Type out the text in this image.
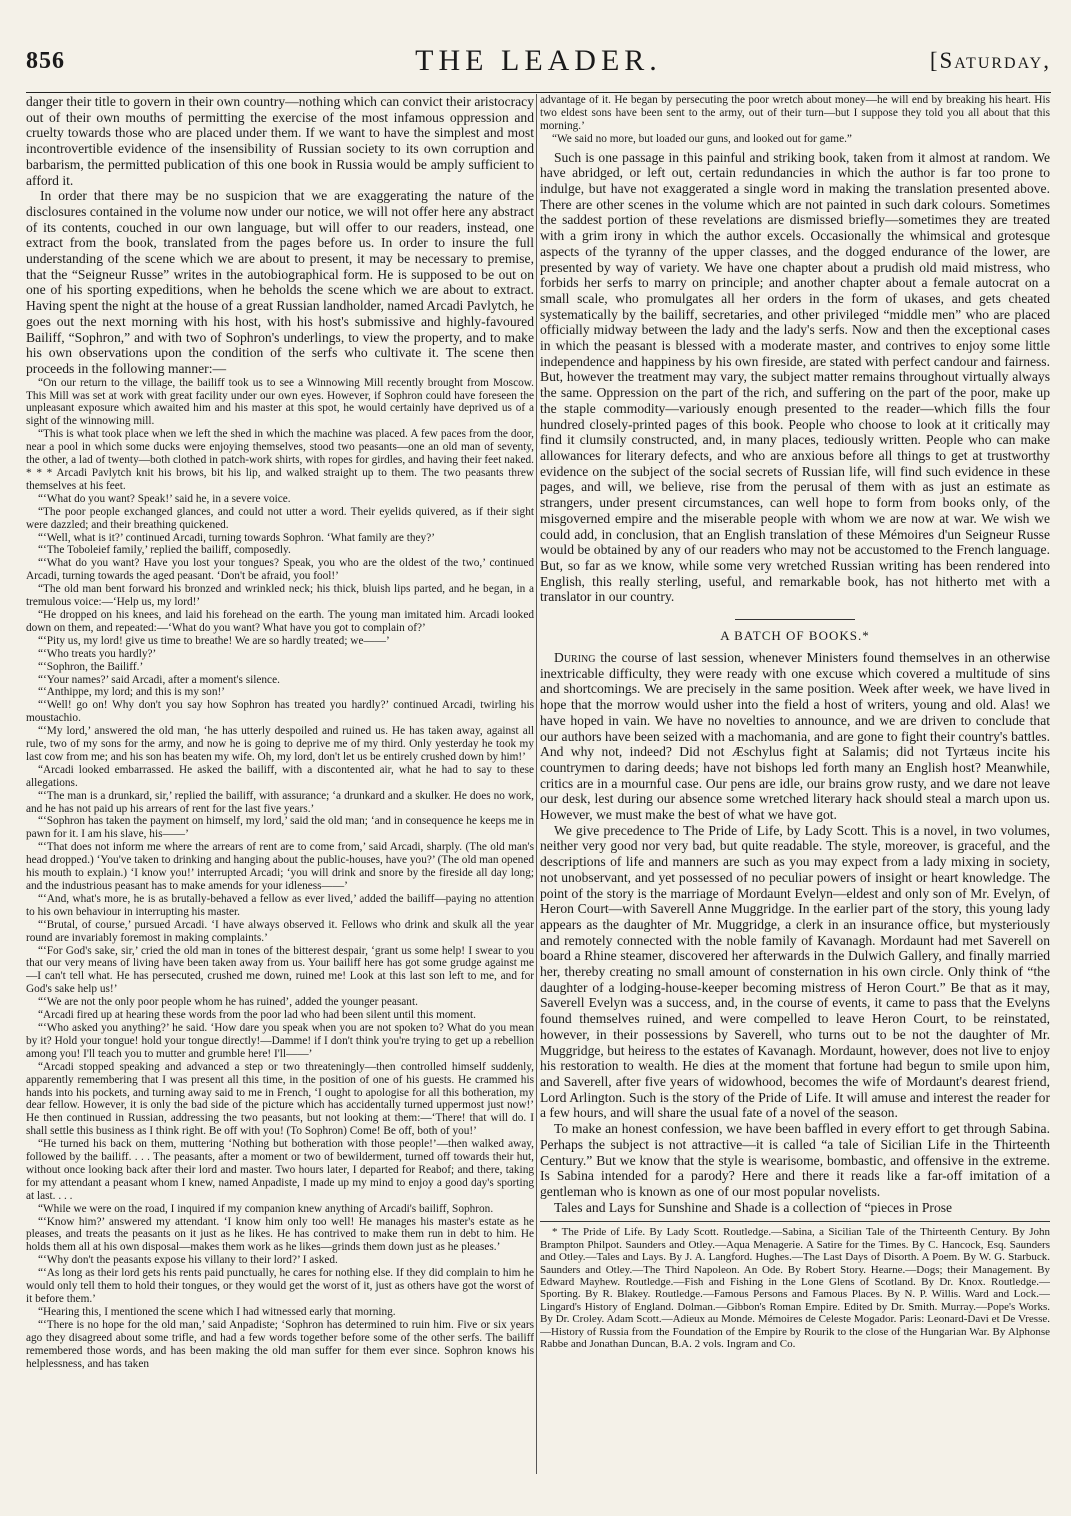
856	THE LEADER.	[Saturday,

danger their title to govern in their own country—nothing which can convict their aristocracy out of their own mouths of permitting the exercise of the most infamous oppression and cruelty towards those who are placed under them. If we want to have the simplest and most incontrovertible evidence of the insensibility of Russian society to its own corruption and barbarism, the permitted publication of this one book in Russia would be amply sufficient to afford it.

In order that there may be no suspicion that we are exaggerating the nature of the disclosures contained in the volume now under our notice, we will not offer here any abstract of its contents, couched in our own language, but will offer to our readers, instead, one extract from the book, translated from the pages before us. In order to insure the full understanding of the scene which we are about to present, it may be necessary to premise, that the “Seigneur Russe” writes in the autobiographical form. He is supposed to be out on one of his sporting expeditions, when he beholds the scene which we are about to extract. Having spent the night at the house of a great Russian landholder, named Arcadi Pavlytch, he goes out the next morning with his host, with his host's submissive and highly-favoured Bailiff, “Sophron,” and with two of Sophron's underlings, to view the property, and to make his own observations upon the condition of the serfs who cultivate it. The scene then proceeds in the following manner:—

“On our return to the village, the bailiff took us to see a Winnowing Mill recently brought from Moscow. This Mill was set at work with great facility under our own eyes. However, if Sophron could have foreseen the unpleasant exposure which awaited him and his master at this spot, he would certainly have deprived us of a sight of the winnowing mill.

“This is what took place when we left the shed in which the machine was placed. A few paces from the door, near a pool in which some ducks were enjoying themselves, stood two peasants—one an old man of seventy, the other, a lad of twenty—both clothed in patch-work shirts, with ropes for girdles, and having their feet naked. * * * Arcadi Pavlytch knit his brows, bit his lip, and walked straight up to them. The two peasants threw themselves at his feet.

“‘What do you want? Speak!’ said he, in a severe voice.

“The poor people exchanged glances, and could not utter a word. Their eyelids quivered, as if their sight were dazzled; and their breathing quickened.

“‘Well, what is it?’ continued Arcadi, turning towards Sophron. ‘What family are they?’

“‘The Toboleief family,’ replied the bailiff, composedly.

“‘What do you want? Have you lost your tongues? Speak, you who are the oldest of the two,’ continued Arcadi, turning towards the aged peasant. ‘Don't be afraid, you fool!’

“The old man bent forward his bronzed and wrinkled neck; his thick, bluish lips parted, and he began, in a tremulous voice:—‘Help us, my lord!’

“He dropped on his knees, and laid his forehead on the earth. The young man imitated him. Arcadi looked down on them, and repeated:—‘What do you want? What have you got to complain of?’

“‘Pity us, my lord! give us time to breathe! We are so hardly treated; we——’

“‘Who treats you hardly?’

“‘Sophron, the Bailiff.’

“‘Your names?’ said Arcadi, after a moment's silence.

“‘Anthippe, my lord; and this is my son!’

“‘Well! go on! Why don't you say how Sophron has treated you hardly?’ continued Arcadi, twirling his moustachio.

“‘My lord,’ answered the old man, ‘he has utterly despoiled and ruined us. He has taken away, against all rule, two of my sons for the army, and now he is going to deprive me of my third. Only yesterday he took my last cow from me; and his son has beaten my wife. Oh, my lord, don't let us be entirely crushed down by him!’

“Arcadi looked embarrassed. He asked the bailiff, with a discontented air, what he had to say to these allegations.

“‘The man is a drunkard, sir,’ replied the bailiff, with assurance; ‘a drunkard and a skulker. He does no work, and he has not paid up his arrears of rent for the last five years.’

“‘Sophron has taken the payment on himself, my lord,’ said the old man; ‘and in consequence he keeps me in pawn for it. I am his slave, his——’

“‘That does not inform me where the arrears of rent are to come from,’ said Arcadi, sharply. (The old man's head dropped.) ‘You've taken to drinking and hanging about the public-houses, have you?’ (The old man opened his mouth to explain.) ‘I know you!’ interrupted Arcadi; ‘you will drink and snore by the fireside all day long; and the industrious peasant has to make amends for your idleness——’

“‘And, what's more, he is as brutally-behaved a fellow as ever lived,’ added the bailiff—paying no attention to his own behaviour in interrupting his master.

“‘Brutal, of course,’ pursued Arcadi. ‘I have always observed it. Fellows who drink and skulk all the year round are invariably foremost in making complaints.’

“‘For God's sake, sir,’ cried the old man in tones of the bitterest despair, ‘grant us some help! I swear to you that our very means of living have been taken away from us. Your bailiff here has got some grudge against me—I can't tell what. He has persecuted, crushed me down, ruined me! Look at this last son left to me, and for God's sake help us!’

“‘We are not the only poor people whom he has ruined’, added the younger peasant.

“Arcadi fired up at hearing these words from the poor lad who had been silent until this moment.

“‘Who asked you anything?’ he said. ‘How dare you speak when you are not spoken to? What do you mean by it? Hold your tongue! hold your tongue directly!—Damme! if I don't think you're trying to get up a rebellion among you! I'll teach you to mutter and grumble here! I'll——’

“Arcadi stopped speaking and advanced a step or two threateningly—then controlled himself suddenly, apparently remembering that I was present all this time, in the position of one of his guests. He crammed his hands into his pockets, and turning away said to me in French, ‘I ought to apologise for all this botheration, my dear fellow. However, it is only the bad side of the picture which has accidentally turned uppermost just now!’ He then continued in Russian, addressing the two peasants, but not looking at them:—‘There! that will do. I shall settle this business as I think right. Be off with you! (To Sophron) Come! Be off, both of you!’

“He turned his back on them, muttering ‘Nothing but botheration with those people!’—then walked away, followed by the bailiff. . . . The peasants, after a moment or two of bewilderment, turned off towards their hut, without once looking back after their lord and master. Two hours later, I departed for Reabof; and there, taking for my attendant a peasant whom I knew, named Anpadiste, I made up my mind to enjoy a good day's sporting at last. . . .

“While we were on the road, I inquired if my companion knew anything of Arcadi's bailiff, Sophron.

“‘Know him?’ answered my attendant. ‘I know him only too well! He manages his master's estate as he pleases, and treats the peasants on it just as he likes. He has contrived to make them run in debt to him. He holds them all at his own disposal—makes them work as he likes—grinds them down just as he pleases.’

“‘Why don't the peasants expose his villany to their lord?’ I asked.

“‘As long as their lord gets his rents paid punctually, he cares for nothing else. If they did complain to him he would only tell them to hold their tongues, or they would get the worst of it, just as others have got the worst of it before them.’

“Hearing this, I mentioned the scene which I had witnessed early that morning.

“‘There is no hope for the old man,’ said Anpadiste; ‘Sophron has determined to ruin him. Five or six years ago they disagreed about some trifle, and had a few words together before some of the other serfs. The bailiff remembered those words, and has been making the old man suffer for them ever since. Sophron knows his helplessness, and has taken

advantage of it. He began by persecuting the poor wretch about money—he will end by breaking his heart. His two eldest sons have been sent to the army, out of their turn—but I suppose they told you all about that this morning.’

“We said no more, but loaded our guns, and looked out for game.”

Such is one passage in this painful and striking book, taken from it almost at random. We have abridged, or left out, certain redundancies in which the author is far too prone to indulge, but have not exaggerated a single word in making the translation presented above. There are other scenes in the volume which are not painted in such dark colours. Sometimes the saddest portion of these revelations are dismissed briefly—sometimes they are treated with a grim irony in which the author excels. Occasionally the whimsical and grotesque aspects of the tyranny of the upper classes, and the dogged endurance of the lower, are presented by way of variety. We have one chapter about a prudish old maid mistress, who forbids her serfs to marry on principle; and another chapter about a female autocrat on a small scale, who promulgates all her orders in the form of ukases, and gets cheated systematically by the bailiff, secretaries, and other privileged “middle men” who are placed officially midway between the lady and the lady's serfs. Now and then the exceptional cases in which the peasant is blessed with a moderate master, and contrives to enjoy some little independence and happiness by his own fireside, are stated with perfect candour and fairness. But, however the treatment may vary, the subject matter remains throughout virtually always the same. Oppression on the part of the rich, and suffering on the part of the poor, make up the staple commodity—variously enough presented to the reader—which fills the four hundred closely-printed pages of this book. People who choose to look at it critically may find it clumsily constructed, and, in many places, tediously written. People who can make allowances for literary defects, and who are anxious before all things to get at trustworthy evidence on the subject of the social secrets of Russian life, will find such evidence in these pages, and will, we believe, rise from the perusal of them with as just an estimate as strangers, under present circumstances, can well hope to form from books only, of the misgoverned empire and the miserable people with whom we are now at war. We wish we could add, in conclusion, that an English translation of these Mémoires d'un Seigneur Russe would be obtained by any of our readers who may not be accustomed to the French language. But, so far as we know, while some very wretched Russian writing has been rendered into English, this really sterling, useful, and remarkable book, has not hitherto met with a translator in our country.

A BATCH OF BOOKS.*

During the course of last session, whenever Ministers found themselves in an otherwise inextricable difficulty, they were ready with one excuse which covered a multitude of sins and shortcomings. We are precisely in the same position. Week after week, we have lived in hope that the morrow would usher into the field a host of writers, young and old. Alas! we have hoped in vain. We have no novelties to announce, and we are driven to conclude that our authors have been seized with a machomania, and are gone to fight their country's battles. And why not, indeed? Did not Æschylus fight at Salamis; did not Tyrtæus incite his countrymen to daring deeds; have not bishops led forth many an English host? Meanwhile, critics are in a mournful case. Our pens are idle, our brains grow rusty, and we dare not leave our desk, lest during our absence some wretched literary hack should steal a march upon us. However, we must make the best of what we have got.

We give precedence to The Pride of Life, by Lady Scott. This is a novel, in two volumes, neither very good nor very bad, but quite readable. The style, moreover, is graceful, and the descriptions of life and manners are such as you may expect from a lady mixing in society, not unobservant, and yet possessed of no peculiar powers of insight or heart knowledge. The point of the story is the marriage of Mordaunt Evelyn—eldest and only son of Mr. Evelyn, of Heron Court—with Saverell Anne Muggridge. In the earlier part of the story, this young lady appears as the daughter of Mr. Muggridge, a clerk in an insurance office, but mysteriously and remotely connected with the noble family of Kavanagh. Mordaunt had met Saverell on board a Rhine steamer, discovered her afterwards in the Dulwich Gallery, and finally married her, thereby creating no small amount of consternation in his own circle. Only think of “the daughter of a lodging-house-keeper becoming mistress of Heron Court.” Be that as it may, Saverell Evelyn was a success, and, in the course of events, it came to pass that the Evelyns found themselves ruined, and were compelled to leave Heron Court, to be reinstated, however, in their possessions by Saverell, who turns out to be not the daughter of Mr. Muggridge, but heiress to the estates of Kavanagh. Mordaunt, however, does not live to enjoy his restoration to wealth. He dies at the moment that fortune had begun to smile upon him, and Saverell, after five years of widowhood, becomes the wife of Mordaunt's dearest friend, Lord Arlington. Such is the story of the Pride of Life. It will amuse and interest the reader for a few hours, and will share the usual fate of a novel of the season.

To make an honest confession, we have been baffled in every effort to get through Sabina. Perhaps the subject is not attractive—it is called “a tale of Sicilian Life in the Thirteenth Century.” But we know that the style is wearisome, bombastic, and offensive in the extreme. Is Sabina intended for a parody? Here and there it reads like a far-off imitation of a gentleman who is known as one of our most popular novelists.

Tales and Lays for Sunshine and Shade is a collection of “pieces in Prose

* The Pride of Life. By Lady Scott. Routledge.—Sabina, a Sicilian Tale of the Thirteenth Century. By John Brampton Philpot. Saunders and Otley.—Aqua Menagerie. A Satire for the Times. By C. Hancock, Esq. Saunders and Otley.—Tales and Lays. By J. A. Langford. Hughes.—The Last Days of Disorth. A Poem. By W. G. Starbuck. Saunders and Otley.—The Third Napoleon. An Ode. By Robert Story. Hearne.—Dogs; their Management. By Edward Mayhew. Routledge.—Fish and Fishing in the Lone Glens of Scotland. By Dr. Knox. Routledge.—Sporting. By R. Blakey. Routledge.—Famous Persons and Famous Places. By N. P. Willis. Ward and Lock.—Lingard's History of England. Dolman.—Gibbon's Roman Empire. Edited by Dr. Smith. Murray.—Pope's Works. By Dr. Croley. Adam Scott.—Adieux au Monde. Mémoires de Celeste Mogador. Paris: Leonard-Davi et De Vresse.—History of Russia from the Foundation of the Empire by Rourik to the close of the Hungarian War. By Alphonse Rabbe and Jonathan Duncan, B.A. 2 vols. Ingram and Co.
